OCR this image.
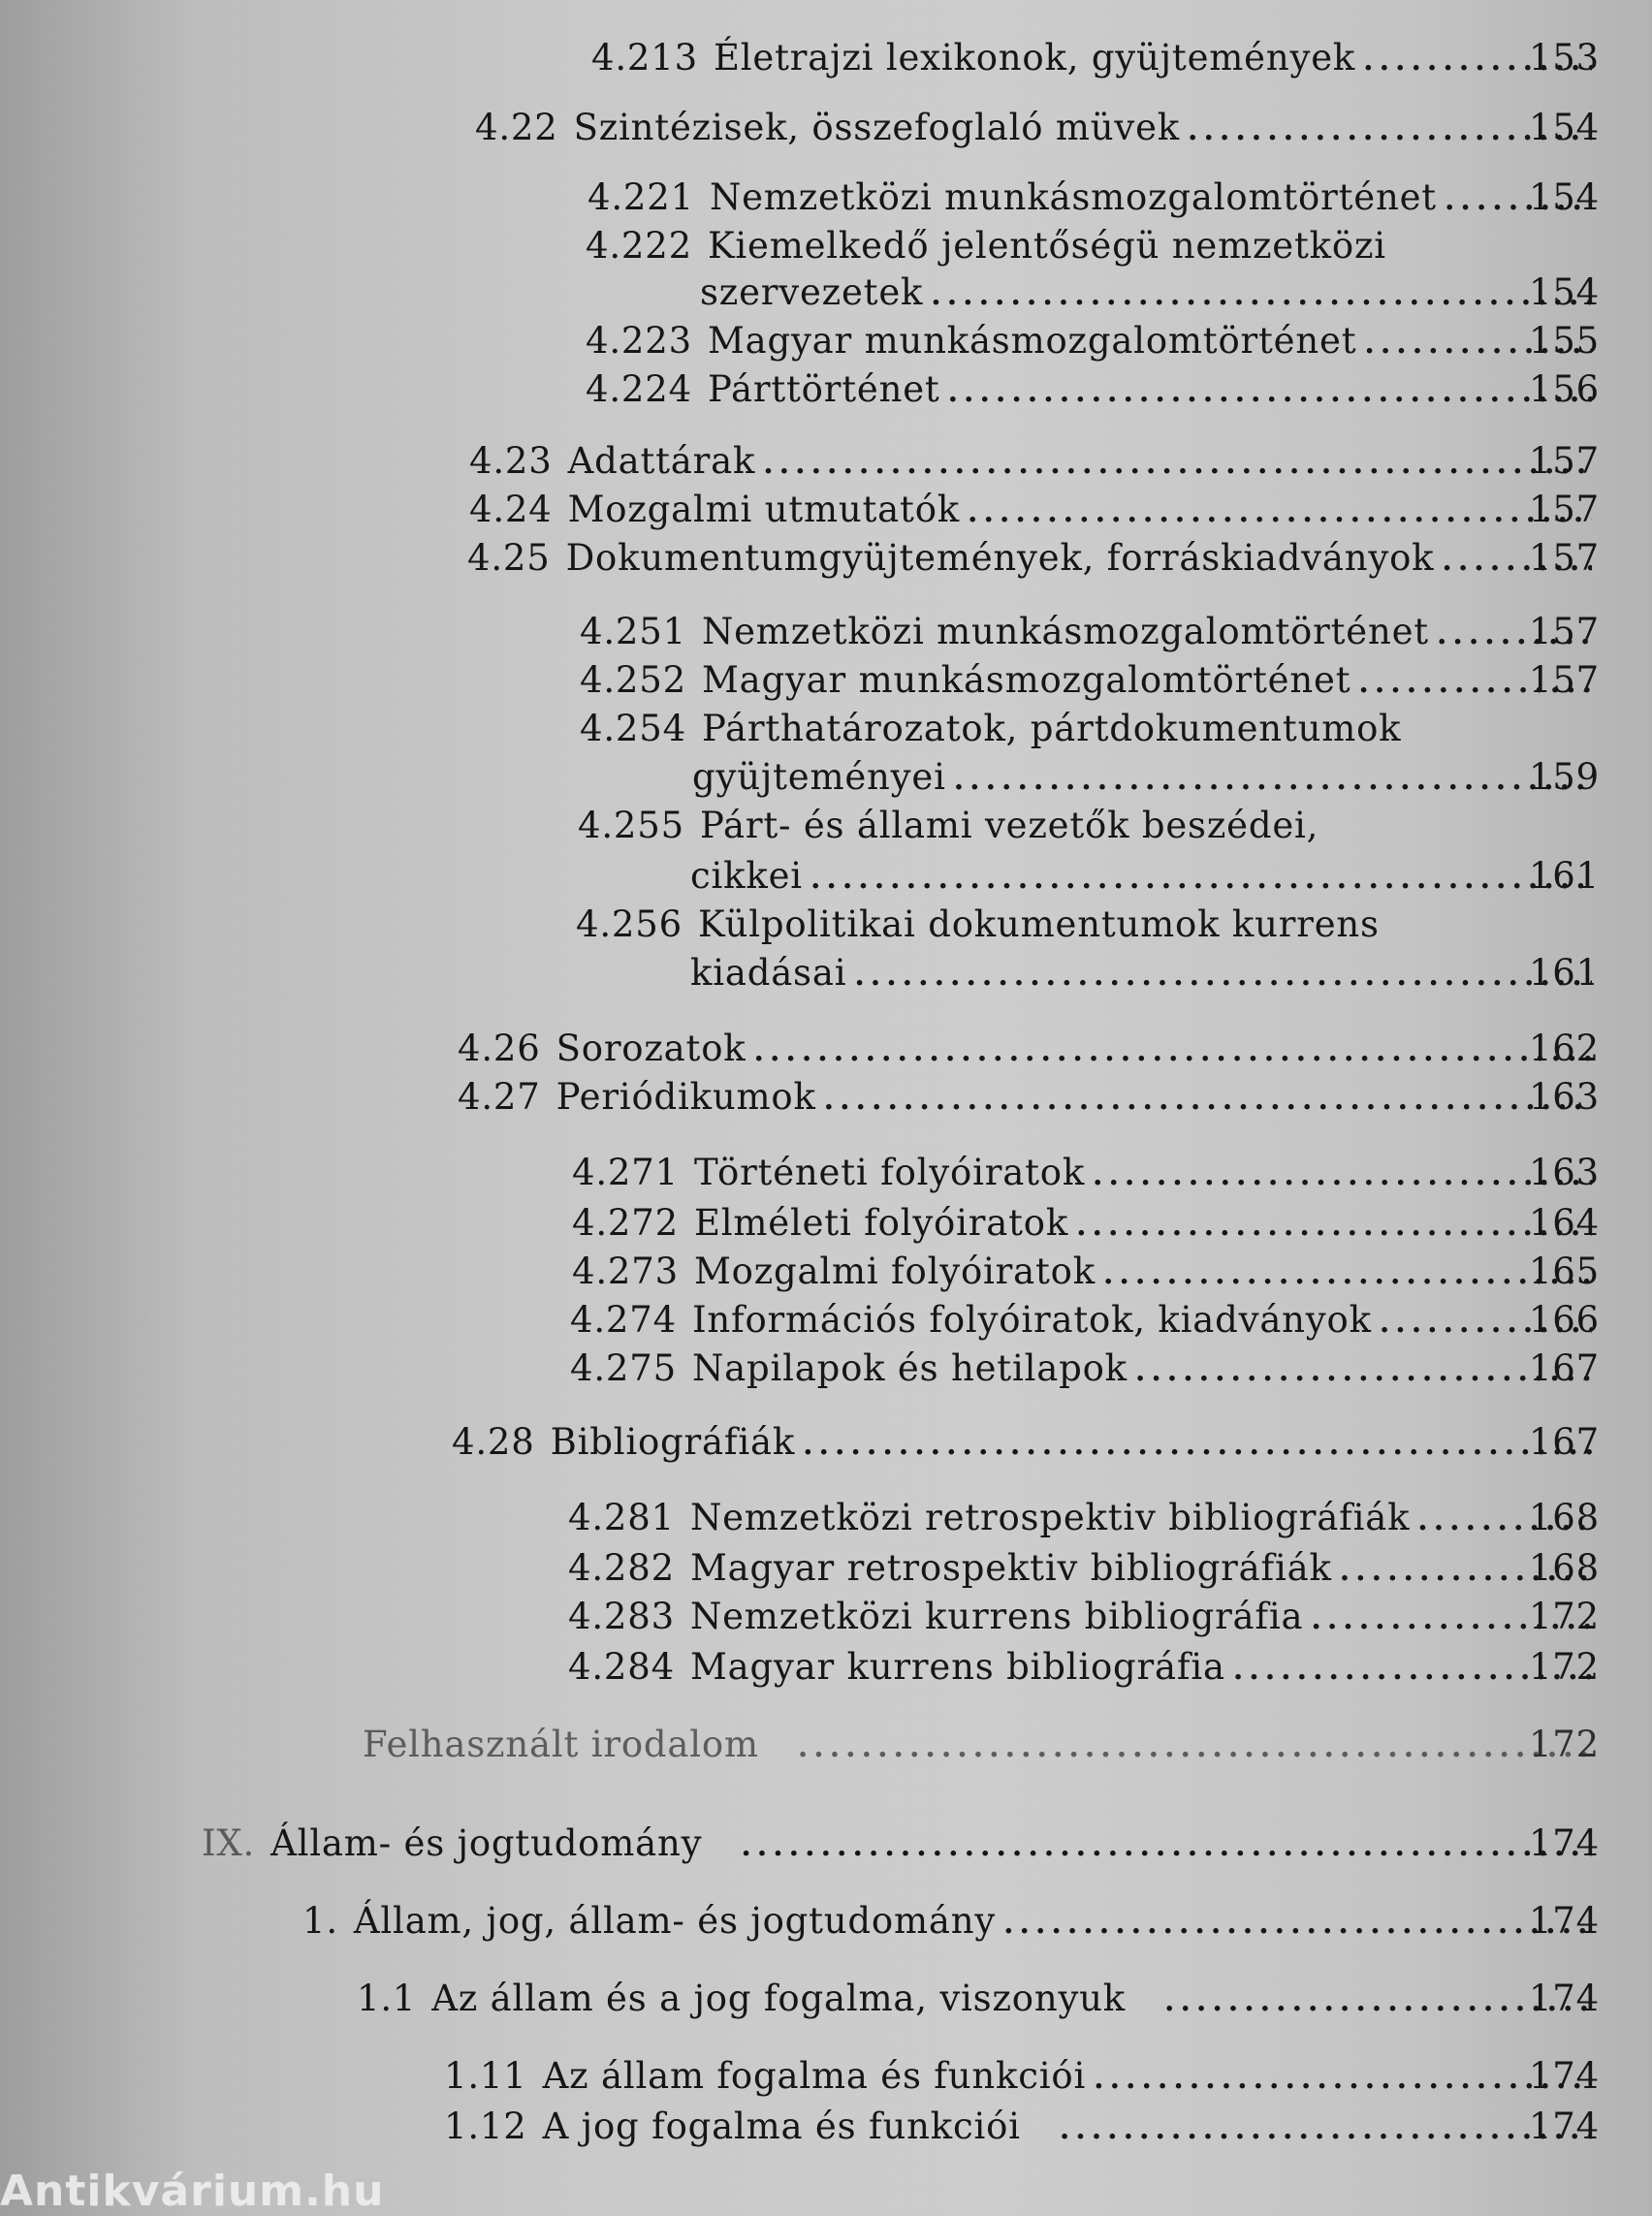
4.213 Életrajzi lexikonok, gyüjtemények .....	153
4.22 Szintézisek, összefoglaló müvek .....	154
4.221 Nemzetközi munkásmozgalomtörténet .....	154
4.222 Kiemelkedő jelentőségü nemzetközi
szervezetek .....	154
4.223 Magyar munkásmozgalomtörténet .....	155
4.224 Párttörténet .....	156
4.23 Adattárak .....	157
4.24 Mozgalmi utmutatók .....	157
4.25 Dokumentumgyüjtemények, forráskiadványok .....	157
4.251 Nemzetközi munkásmozgalomtörténet .....	157
4.252 Magyar munkásmozgalomtörténet .....	157
4.254 Párthatározatok, pártdokumentumok
gyüjteményei .....	159
4.255 Párt- és állami vezetők beszédei,
cikkei .....	161
4.256 Külpolitikai dokumentumok kurrens
kiadásai .....	161
4.26 Sorozatok .....	162
4.27 Periódikumok .....	163
4.271 Történeti folyóiratok .....	163
4.272 Elméleti folyóiratok .....	164
4.273 Mozgalmi folyóiratok .....	165
4.274 Információs folyóiratok, kiadványok .....	166
4.275 Napilapok és hetilapok .....	167
4.28 Bibliográfiák .....	167
4.281 Nemzetközi retrospektiv bibliográfiák .....	168
4.282 Magyar retrospektiv bibliográfiák .....	168
4.283 Nemzetközi kurrens bibliográfia .....	172
4.284 Magyar kurrens bibliográfia .....	172
Felhasznált irodalom .....	172
IX. Állam- és jogtudomány .....	174
1. Állam, jog, állam- és jogtudomány .....	174
1.1 Az állam és a jog fogalma, viszonyuk .....	174
1.11 Az állam fogalma és funkciói .....	174
1.12 A jog fogalma és funkciói .....	174
Antikvárium.hu
